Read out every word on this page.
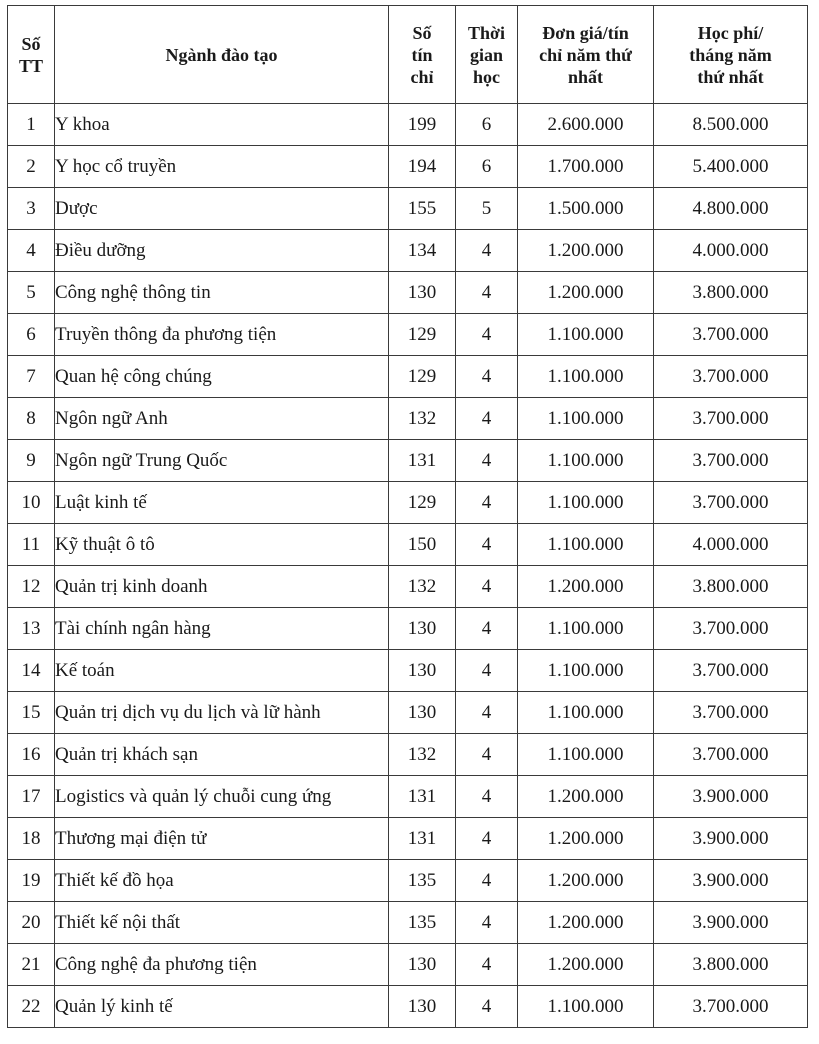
Số
TT	Ngành đào tạo	Số
tín
chỉ	Thời
gian
học	Đơn giá/tín
chỉ năm thứ
nhất	Học phí/
tháng năm
thứ nhất
1	Y khoa	199	6	2.600.000	8.500.000
2	Y học cổ truyền	194	6	1.700.000	5.400.000
3	Dược	155	5	1.500.000	4.800.000
4	Điều dưỡng	134	4	1.200.000	4.000.000
5	Công nghệ thông tin	130	4	1.200.000	3.800.000
6	Truyền thông đa phương tiện	129	4	1.100.000	3.700.000
7	Quan hệ công chúng	129	4	1.100.000	3.700.000
8	Ngôn ngữ Anh	132	4	1.100.000	3.700.000
9	Ngôn ngữ Trung Quốc	131	4	1.100.000	3.700.000
10	Luật kinh tế	129	4	1.100.000	3.700.000
11	Kỹ thuật ô tô	150	4	1.100.000	4.000.000
12	Quản trị kinh doanh	132	4	1.200.000	3.800.000
13	Tài chính ngân hàng	130	4	1.100.000	3.700.000
14	Kế toán	130	4	1.100.000	3.700.000
15	Quản trị dịch vụ du lịch và lữ hành	130	4	1.100.000	3.700.000
16	Quản trị khách sạn	132	4	1.100.000	3.700.000
17	Logistics và quản lý chuỗi cung ứng	131	4	1.200.000	3.900.000
18	Thương mại điện tử	131	4	1.200.000	3.900.000
19	Thiết kế đồ họa	135	4	1.200.000	3.900.000
20	Thiết kế nội thất	135	4	1.200.000	3.900.000
21	Công nghệ đa phương tiện	130	4	1.200.000	3.800.000
22	Quản lý kinh tế	130	4	1.100.000	3.700.000
